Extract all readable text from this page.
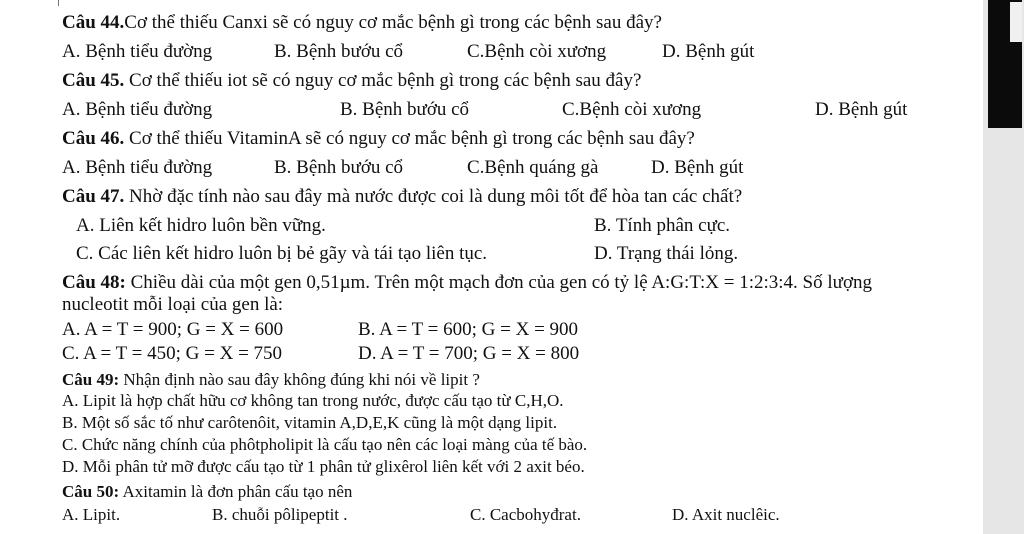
Câu 44.Cơ thể thiếu Canxi sẽ có nguy cơ mắc bệnh gì trong các bệnh sau đây?
A. Bệnh tiểu đường	B. Bệnh bướu cổ	C.Bệnh còi xương	D. Bệnh gút
Câu 45. Cơ thể thiếu iot sẽ có nguy cơ mắc bệnh gì trong các bệnh sau đây?
A. Bệnh tiểu đường	B. Bệnh bướu cổ	C.Bệnh còi xương	D. Bệnh gút
Câu 46. Cơ thể thiếu VitaminA sẽ có nguy cơ mắc bệnh gì trong các bệnh sau đây?
A. Bệnh tiểu đường	B. Bệnh bướu cổ	C.Bệnh quáng gà	D. Bệnh gút
Câu 47. Nhờ đặc tính nào sau đây mà nước được coi là dung môi tốt để hòa tan các chất?
A. Liên kết hidro luôn bền vững.	B. Tính phân cực.
C. Các liên kết hidro luôn bị bẻ gãy và tái tạo liên tục.	D. Trạng thái lỏng.
Câu 48: Chiều dài của một gen 0,51µm. Trên một mạch đơn của gen có tỷ lệ A:G:T:X = 1:2:3:4. Số lượng
nucleotit mỗi loại của gen là:
A. A = T = 900; G = X = 600	B. A = T = 600; G = X = 900
C. A = T = 450; G = X = 750	D. A = T = 700; G = X = 800
Câu 49: Nhận định nào sau đây không đúng khi nói về lipit ?
A. Lipit là hợp chất hữu cơ không tan trong nước, được cấu tạo từ C,H,O.
B. Một số sắc tố như carôtenôit, vitamin A,D,E,K cũng là một dạng lipit.
C. Chức năng chính của phôtpholipit là cấu tạo nên các loại màng của tế bào.
D. Mỗi phân tử mỡ được cấu tạo từ 1 phân tử glixêrol liên kết với 2 axit béo.
Câu 50: Axitamin là đơn phân cấu tạo nên
A. Lipit.	B. chuỗi pôlipeptit .	C. Cacbohyđrat.	D. Axit nuclêic.
